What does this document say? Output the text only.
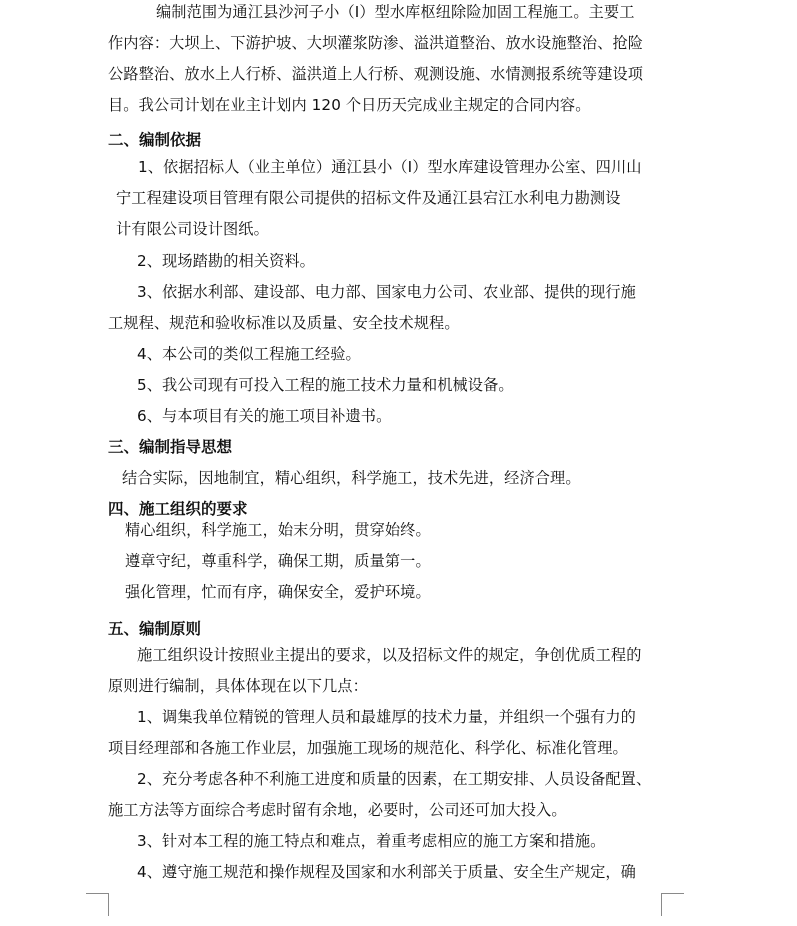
编制范围为通江县沙河子小（Ⅰ）型水库枢纽除险加固工程施工。主要工
作内容：大坝上、下游护坡、大坝灌浆防渗、溢洪道整治、放水设施整治、抢险
公路整治、放水上人行桥、溢洪道上人行桥、观测设施、水情测报系统等建设项
目。我公司计划在业主计划内 120 个日历天完成业主规定的合同内容。
二、编制依据
1、依据招标人（业主单位）通江县小（Ⅰ）型水库建设管理办公室、四川山
宁工程建设项目管理有限公司提供的招标文件及通江县宕江水利电力勘测设
计有限公司设计图纸。
2、现场踏勘的相关资料。
3、依据水利部、建设部、电力部、国家电力公司、农业部、提供的现行施
工规程、规范和验收标准以及质量、安全技术规程。
4、本公司的类似工程施工经验。
5、我公司现有可投入工程的施工技术力量和机械设备。
6、与本项目有关的施工项目补遗书。
三、编制指导思想
结合实际，因地制宜，精心组织，科学施工，技术先进，经济合理。
四、施工组织的要求
精心组织，科学施工，始末分明，贯穿始终。
遵章守纪，尊重科学，确保工期，质量第一。
强化管理，忙而有序，确保安全，爱护环境。
五、编制原则
施工组织设计按照业主提出的要求，以及招标文件的规定，争创优质工程的
原则进行编制，具体体现在以下几点：
1、调集我单位精锐的管理人员和最雄厚的技术力量，并组织一个强有力的
项目经理部和各施工作业层，加强施工现场的规范化、科学化、标准化管理。
2、充分考虑各种不利施工进度和质量的因素，在工期安排、人员设备配置、
施工方法等方面综合考虑时留有余地，必要时，公司还可加大投入。
3、针对本工程的施工特点和难点，着重考虑相应的施工方案和措施。
4、遵守施工规范和操作规程及国家和水利部关于质量、安全生产规定，确
